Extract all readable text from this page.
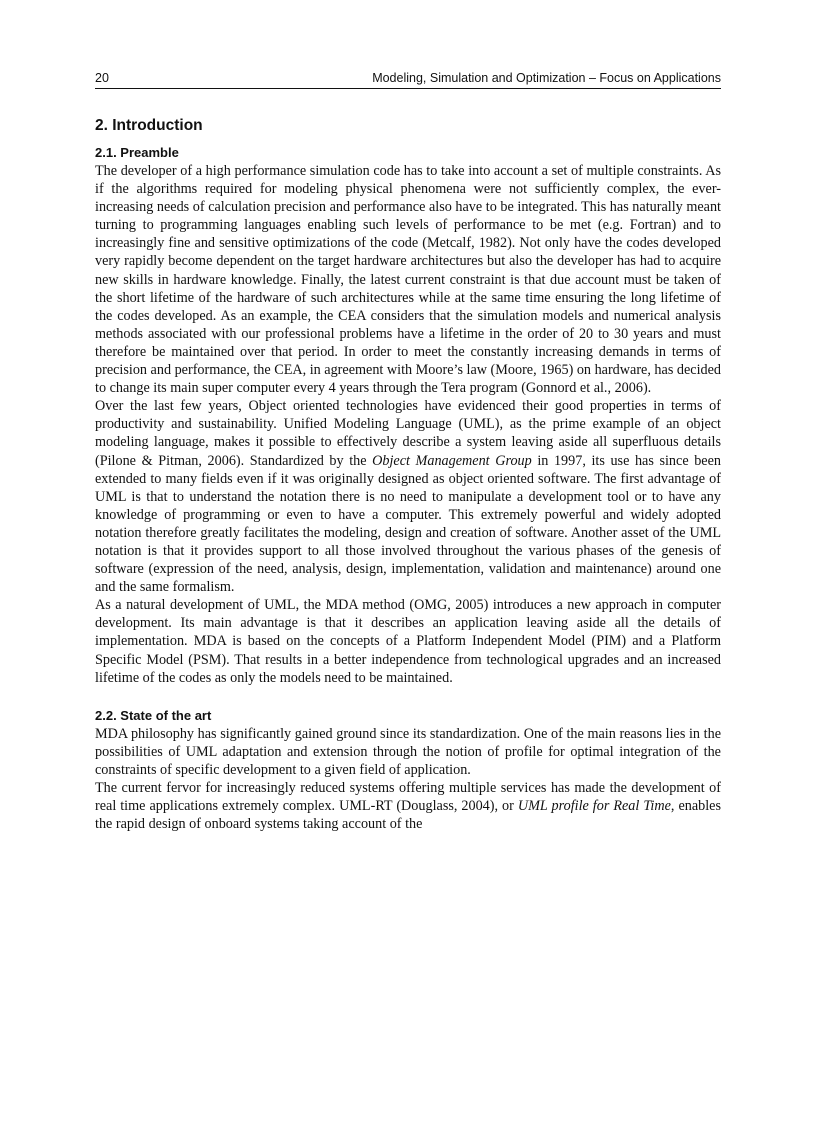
20	Modeling, Simulation and Optimization – Focus on Applications
2. Introduction
2.1. Preamble

The developer of a high performance simulation code has to take into account a set of multiple constraints. As if the algorithms required for modeling physical phenomena were not sufficiently complex, the ever-increasing needs of calculation precision and performance also have to be integrated. This has naturally meant turning to programming languages enabling such levels of performance to be met (e.g. Fortran) and to increasingly fine and sensitive optimizations of the code (Metcalf, 1982). Not only have the codes developed very rapidly become dependent on the target hardware architectures but also the developer has had to acquire new skills in hardware knowledge. Finally, the latest current constraint is that due account must be taken of the short lifetime of the hardware of such architectures while at the same time ensuring the long lifetime of the codes developed. As an example, the CEA considers that the simulation models and numerical analysis methods associated with our professional problems have a lifetime in the order of 20 to 30 years and must therefore be maintained over that period. In order to meet the constantly increasing demands in terms of precision and performance, the CEA, in agreement with Moore’s law (Moore, 1965) on hardware, has decided to change its main super computer every 4 years through the Tera program (Gonnord et al., 2006).

Over the last few years, Object oriented technologies have evidenced their good properties in terms of productivity and sustainability. Unified Modeling Language (UML), as the prime example of an object modeling language, makes it possible to effectively describe a system leaving aside all superfluous details (Pilone & Pitman, 2006). Standardized by the Object Management Group in 1997, its use has since been extended to many fields even if it was originally designed as object oriented software. The first advantage of UML is that to understand the notation there is no need to manipulate a development tool or to have any knowledge of programming or even to have a computer. This extremely powerful and widely adopted notation therefore greatly facilitates the modeling, design and creation of software. Another asset of the UML notation is that it provides support to all those involved throughout the various phases of the genesis of software (expression of the need, analysis, design, implementation, validation and maintenance) around one and the same formalism.

As a natural development of UML, the MDA method (OMG, 2005) introduces a new approach in computer development. Its main advantage is that it describes an application leaving aside all the details of implementation. MDA is based on the concepts of a Platform Independent Model (PIM) and a Platform Specific Model (PSM). That results in a better independence from technological upgrades and an increased lifetime of the codes as only the models need to be maintained.

2.2. State of the art

MDA philosophy has significantly gained ground since its standardization. One of the main reasons lies in the possibilities of UML adaptation and extension through the notion of profile for optimal integration of the constraints of specific development to a given field of application.

The current fervor for increasingly reduced systems offering multiple services has made the development of real time applications extremely complex. UML-RT (Douglass, 2004), or UML profile for Real Time, enables the rapid design of onboard systems taking account of the
